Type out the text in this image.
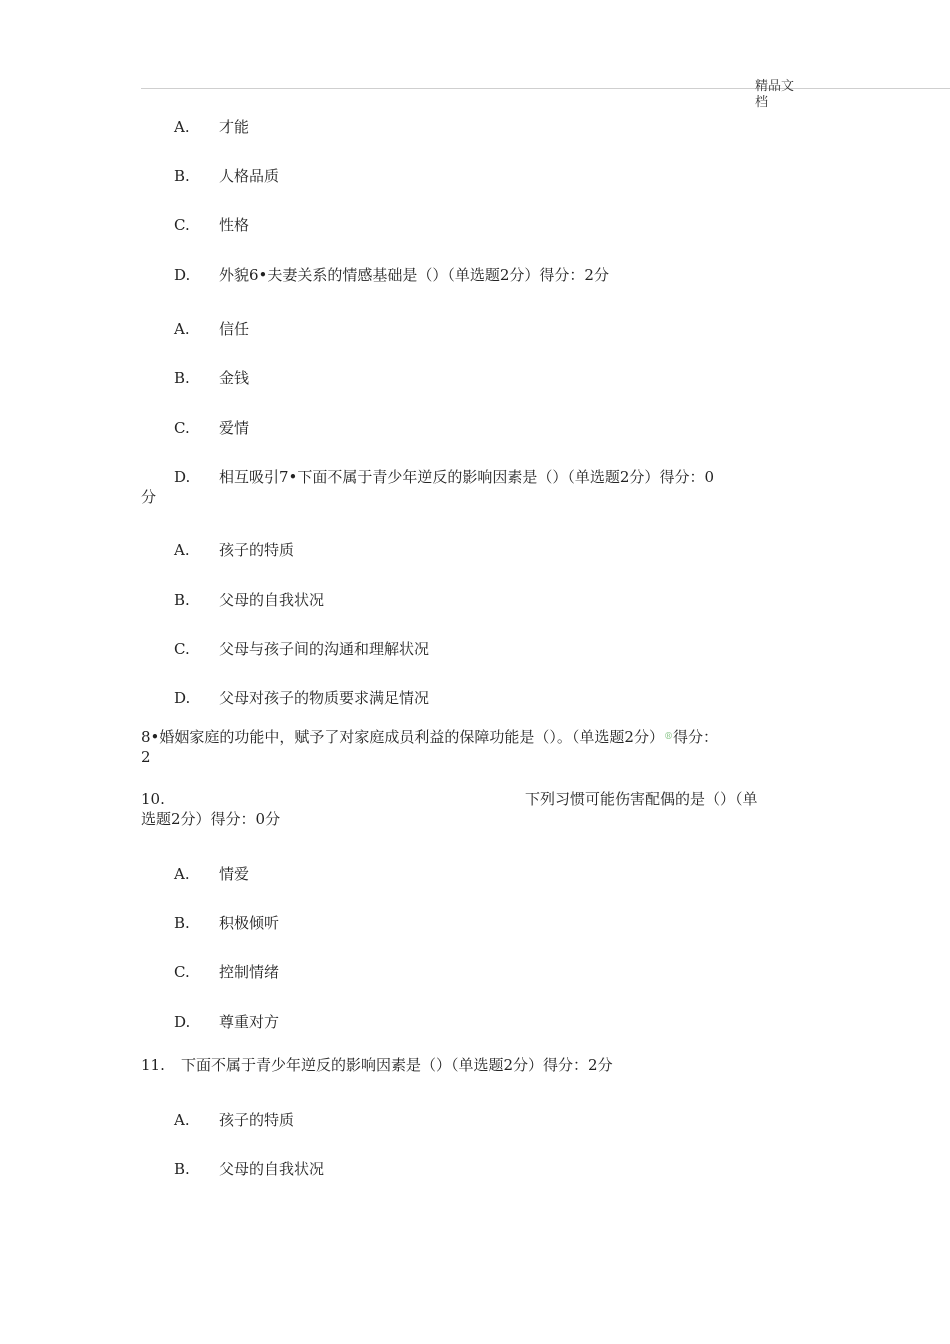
精品文档
A. 才能
B. 人格品质
C. 性格
D. 外貌6•夫妻关系的情感基础是（）（单选题2分）得分：2分
A. 信任
B. 金钱
C. 爱情
D. 相互吸引7•下面不属于青少年逆反的影响因素是（）（单选题2分）得分：0
分
A. 孩子的特质
B. 父母的自我状况
C. 父母与孩子间的沟通和理解状况
D. 父母对孩子的物质要求满足情况
8•婚姻家庭的功能中，赋予了对家庭成员利益的保障功能是（）。（单选题2分）®得分：
2
10.	下列习惯可能伤害配偶的是（）（单
选题2分）得分：0分
A. 情爱
B. 积极倾听
C. 控制情绪
D. 尊重对方
11. 下面不属于青少年逆反的影响因素是（）（单选题2分）得分：2分
A. 孩子的特质
B. 父母的自我状况
